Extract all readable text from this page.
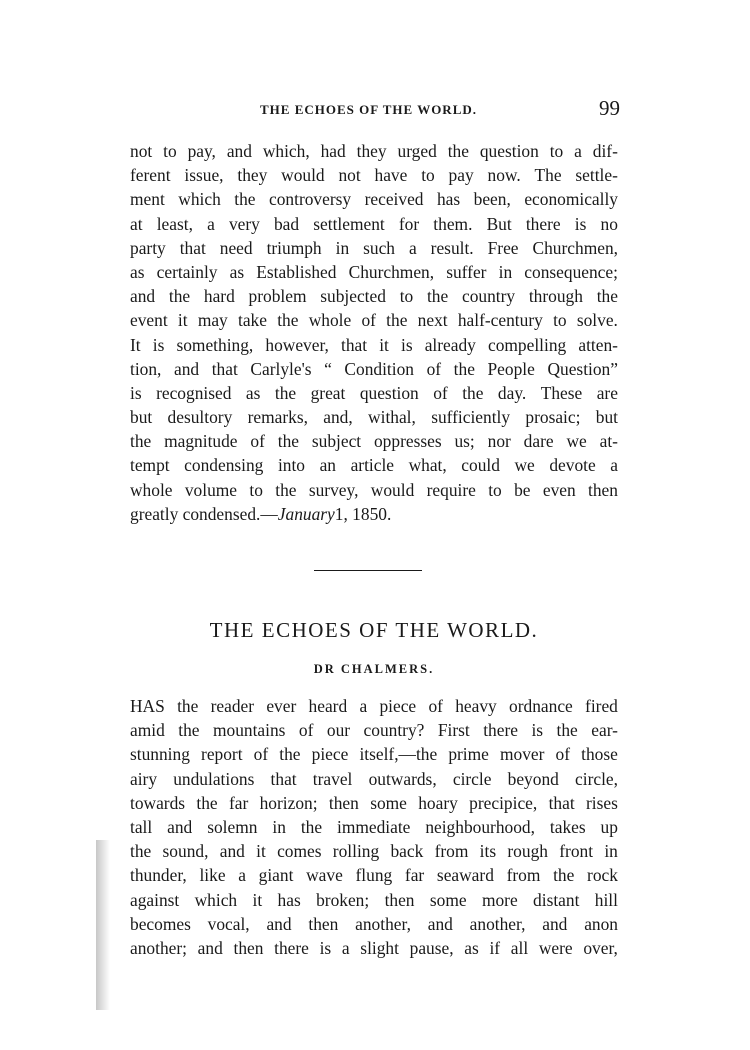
THE ECHOES OF THE WORLD.	99
not to pay, and which, had they urged the question to a dif-
ferent issue, they would not have to pay now. The settle-
ment which the controversy received has been, economically
at least, a very bad settlement for them. But there is no
party that need triumph in such a result. Free Churchmen,
as certainly as Established Churchmen, suffer in consequence;
and the hard problem subjected to the country through the
event it may take the whole of the next half-century to solve.
It is something, however, that it is already compelling atten-
tion, and that Carlyle's “ Condition of the People Question”
is recognised as the great question of the day. These are
but desultory remarks, and, withal, sufficiently prosaic; but
the magnitude of the subject oppresses us; nor dare we at-
tempt condensing into an article what, could we devote a
whole volume to the survey, would require to be even then
greatly condensed.— January 1, 1850.
THE ECHOES OF THE WORLD.
DR CHALMERS.
HAS the reader ever heard a piece of heavy ordnance fired
amid the mountains of our country? First there is the ear-
stunning report of the piece itself,—the prime mover of those
airy undulations that travel outwards, circle beyond circle,
towards the far horizon; then some hoary precipice, that rises
tall and solemn in the immediate neighbourhood, takes up
the sound, and it comes rolling back from its rough front in
thunder, like a giant wave flung far seaward from the rock
against which it has broken; then some more distant hill
becomes vocal, and then another, and another, and anon
another; and then there is a slight pause, as if all were over,
